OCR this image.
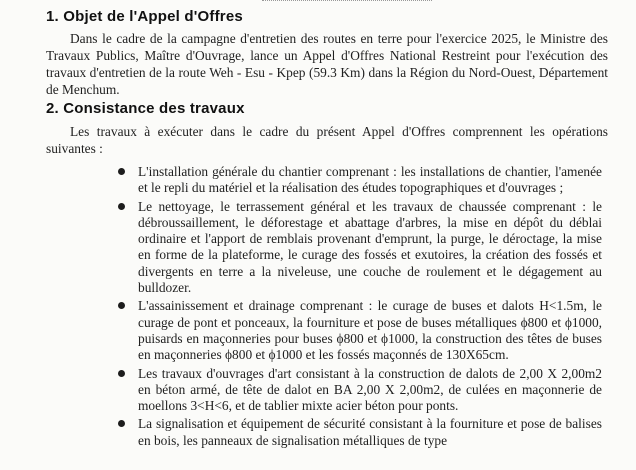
1. Objet de l'Appel d'Offres

Dans le cadre de la campagne d'entretien des routes en terre pour l'exercice 2025, le Ministre des Travaux Publics, Maître d'Ouvrage, lance un Appel d'Offres National Restreint pour l'exécution des travaux d'entretien de la route Weh - Esu - Kpep (59.3 Km) dans la Région du Nord-Ouest, Département de Menchum.

2. Consistance des travaux

Les travaux à exécuter dans le cadre du présent Appel d'Offres comprennent les opérations suivantes :

L'installation générale du chantier comprenant : les installations de chantier, l'amenée et le repli du matériel et la réalisation des études topographiques et d'ouvrages ;
Le nettoyage, le terrassement général et les travaux de chaussée comprenant : le débroussaillement, le déforestage et abattage d'arbres, la mise en dépôt du déblai ordinaire et l'apport de remblais provenant d'emprunt, la purge, le déroctage, la mise en forme de la plateforme, le curage des fossés et exutoires, la création des fossés et divergents en terre a la niveleuse, une couche de roulement et le dégagement au bulldozer.
L'assainissement et drainage comprenant : le curage de buses et dalots H<1.5m, le curage de pont et ponceaux, la fourniture et pose de buses métalliques ϕ800 et ϕ1000, puisards en maçonneries pour buses ϕ800 et ϕ1000, la construction des têtes de buses en maçonneries ϕ800 et ϕ1000 et les fossés maçonnés de 130X65cm.
Les travaux d'ouvrages d'art consistant à la construction de dalots de 2,00 X 2,00m2 en béton armé, de tête de dalot en BA 2,00 X 2,00m2, de culées en maçonnerie de moellons 3<H<6, et de tablier mixte acier béton pour ponts.
La signalisation et équipement de sécurité consistant à la fourniture et pose de balises en bois, les panneaux de signalisation métalliques de type
